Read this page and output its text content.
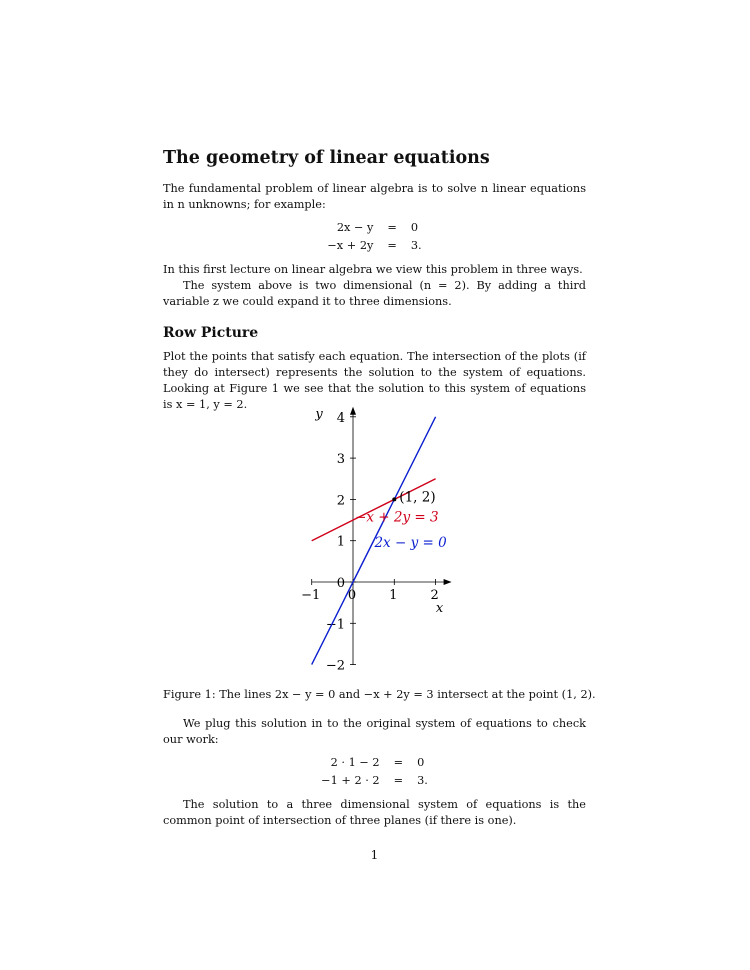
The geometry of linear equations

The fundamental problem of linear algebra is to solve n linear equations in n unknowns; for example:

2x − y	=	0
−x + 2y	=	3.

In this first lecture on linear algebra we view this problem in three ways.

The system above is two dimensional (n = 2). By adding a third variable z we could expand it to three dimensions.

Row Picture

Plot the points that satisfy each equation. The intersection of the plots (if they do intersect) represents the solution to the system of equations. Looking at Figure 1 we see that the solution to this system of equations is x = 1, y = 2.

Figure 1: The lines 2x − y = 0 and −x + 2y = 3 intersect at the point (1, 2).

We plug this solution in to the original system of equations to check our work:

2 · 1 − 2	=	0
−1 + 2 · 2	=	3.

The solution to a three dimensional system of equations is the common point of intersection of three planes (if there is one).

1
−1 0	1	2
−2
−1
0
1
2
3
4
x
y
−x + 2y = 3
2x − y = 0
(1, 2)
